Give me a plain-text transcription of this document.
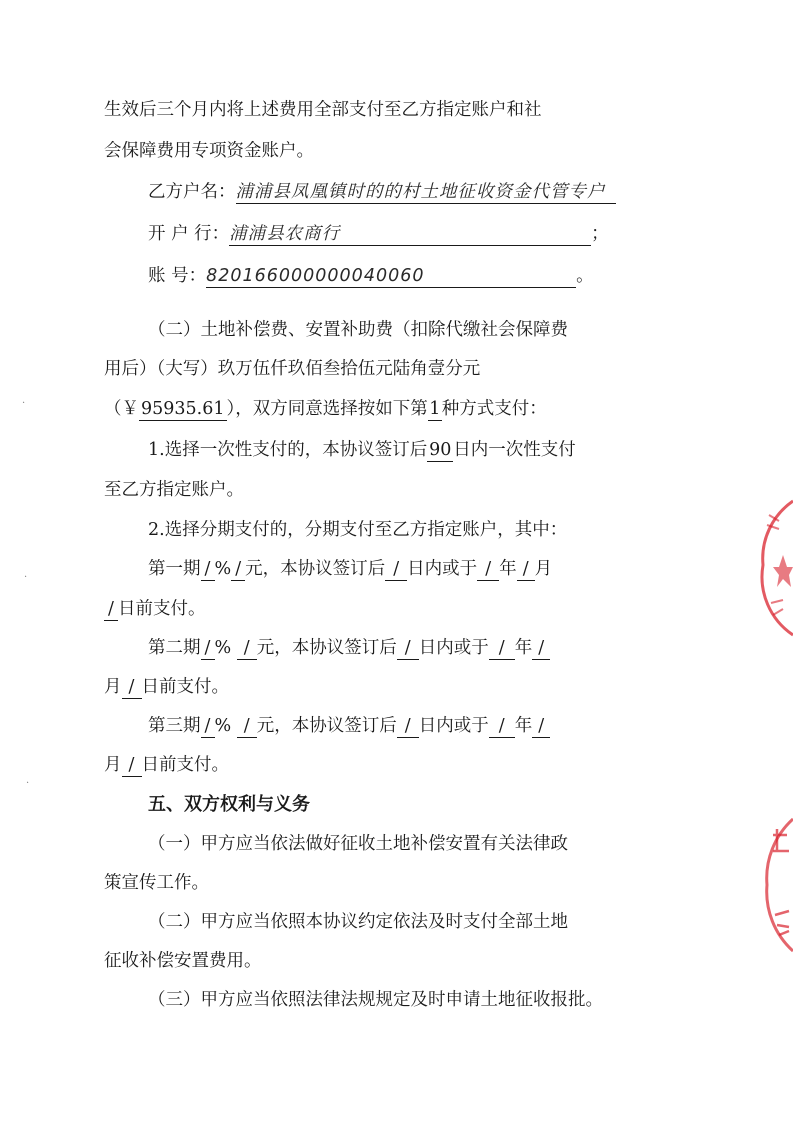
生效后三个月内将上述费用全部支付至乙方指定账户和社
会保障费用专项资金账户。
乙方户名：浦浦县凤凰镇时的的村土地征收资金代管专户
开 户 行：浦浦县农商行	；
账 号：820166000000040060	。
（二）土地补偿费、安置补助费（扣除代缴社会保障费
用后）（大写）玖万伍仟玖佰叁拾伍元陆角壹分元
（￥ 95935.61 ），双方同意选择按如下第1种方式支付：
1.选择一次性支付的，本协议签订后 90 日内一次性支付
至乙方指定账户。
2.选择分期支付的，分期支付至乙方指定账户，其中：
第一期 / % / 元，本协议签订后 / 日内或于 / 年 / 月
/ 日前支付。
第二期 / % / 元，本协议签订后 / 日内或于 / 年 /
月 / 日前支付。
第三期 / % / 元，本协议签订后 / 日内或于 / 年 /
月 / 日前支付。
五、双方权利与义务
（一）甲方应当依法做好征收土地补偿安置有关法律政
策宣传工作。
（二）甲方应当依照本协议约定依法及时支付全部土地
征收补偿安置费用。
（三）甲方应当依照法律法规规定及时申请土地征收报批。
·
·
·
